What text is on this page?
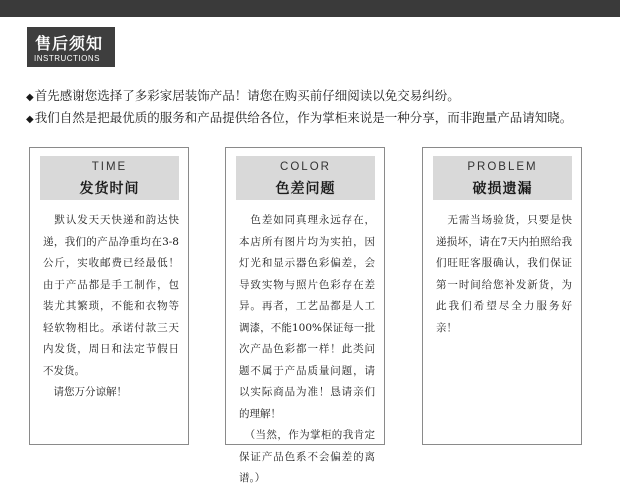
售后须知
INSTRUCTIONS
◆首先感谢您选择了多彩家居装饰产品！请您在购买前仔细阅读以免交易纠纷。
◆我们自然是把最优质的服务和产品提供给各位，作为掌柜来说是一种分享，而非跑量产品请知晓。
TIME
发货时间

　默认发天天快递和韵达快递，我们的产品净重均在3-8公斤，实收邮费已经最低！由于产品都是手工制作，包装尤其繁琐，不能和衣物等轻软物相比。承诺付款三天内发货，周日和法定节假日不发货。

　请您万分谅解！

COLOR
色差问题

　色差如同真理永远存在，本店所有图片均为实拍，因灯光和显示器色彩偏差，会导致实物与照片色彩存在差异。再者，工艺品都是人工调漆，不能100%保证每一批次产品色彩都一样！此类问题不属于产品质量问题，请以实际商品为准！恳请亲们的理解！

　（当然，作为掌柜的我肯定保证产品色系不会偏差的离谱。）

PROBLEM
破损遗漏

　无需当场验货，只要是快递损坏，请在7天内拍照给我们旺旺客服确认，我们保证第一时间给您补发新货，为此我们希望尽全力服务好亲！
